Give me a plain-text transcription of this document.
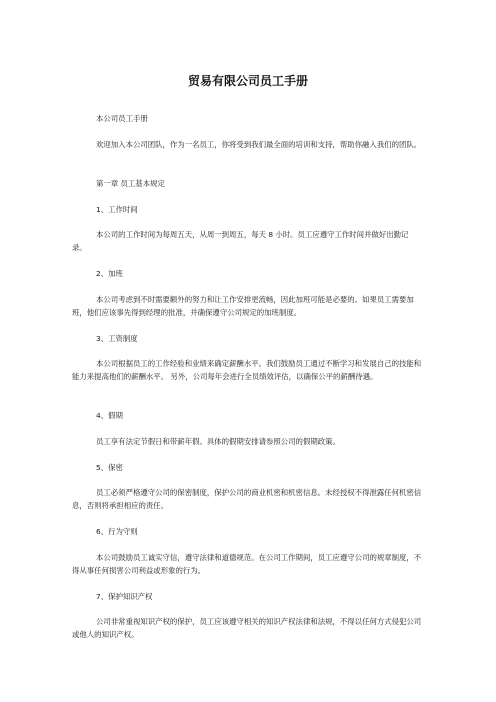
贸易有限公司员工手册

本公司员工手册

欢迎加入本公司团队，作为一名员工，你将受到我们最全面的培训和支持，帮助你融入我们的团队。

第一章 员工基本规定

1、工作时间

本公司的工作时间为每周五天，从周一到周五，每天 8 小时。员工应遵守工作时间并做好出勤记录。

2、加班

本公司考虑到不时需要额外的努力和让工作安排更流畅，因此加班可能是必要的。如果员工需要加班，他们应该事先得到经理的批准，并确保遵守公司规定的加班制度。

3、工资制度

本公司根据员工的工作经验和业绩来确定薪酬水平。我们鼓励员工通过不断学习和发展自己的技能和能力来提高他们的薪酬水平。 另外，公司每年会进行全员绩效评估，以确保公平的薪酬待遇。

4、假期

员工享有法定节假日和带薪年假。具体的假期安排请参照公司的假期政策。

5、保密

员工必须严格遵守公司的保密制度，保护公司的商业机密和机密信息。未经授权不得泄露任何机密信息，否则将承担相应的责任。

6、行为守则

本公司鼓励员工诚实守信，遵守法律和道德规范。在公司工作期间，员工应遵守公司的规章制度，不得从事任何损害公司利益或形象的行为。

7、保护知识产权

公司非常重视知识产权的保护，员工应该遵守相关的知识产权法律和法规，不得以任何方式侵犯公司或他人的知识产权。
